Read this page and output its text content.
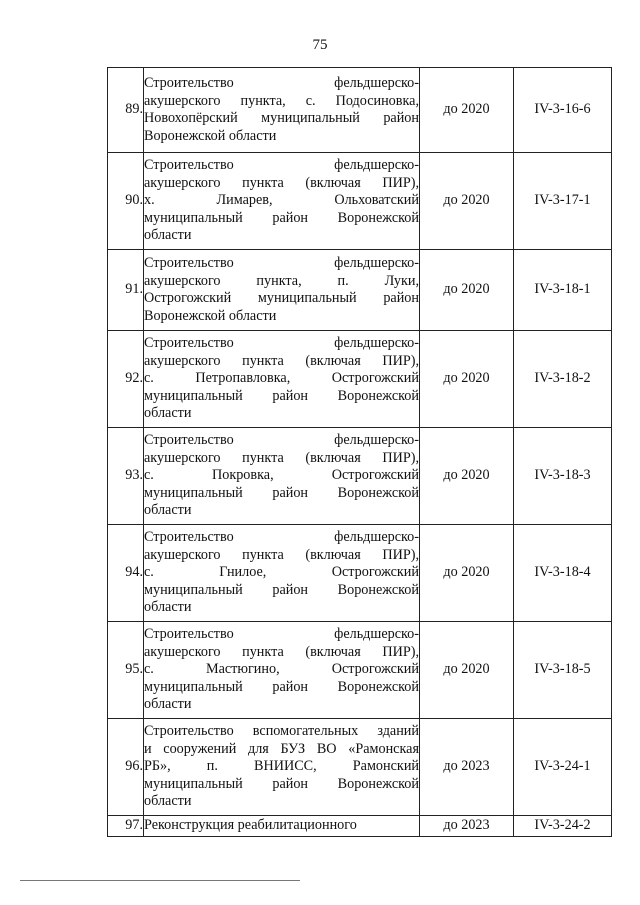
75
89.	Строительство фельдшерско-
акушерского пункта, с. Подосиновка,
Новохопёрский муниципальный район
Воронежской области	до 2020	IV-3-16-6
90.	Строительство фельдшерско-
акушерского пункта (включая ПИР),
х. Лимарев, Ольховатский
муниципальный район Воронежской
области	до 2020	IV-3-17-1
91.	Строительство фельдшерско-
акушерского пункта, п. Луки,
Острогожский муниципальный район
Воронежской области	до 2020	IV-3-18-1
92.	Строительство фельдшерско-
акушерского пункта (включая ПИР),
с. Петропавловка, Острогожский
муниципальный район Воронежской
области	до 2020	IV-3-18-2
93.	Строительство фельдшерско-
акушерского пункта (включая ПИР),
с. Покровка, Острогожский
муниципальный район Воронежской
области	до 2020	IV-3-18-3
94.	Строительство фельдшерско-
акушерского пункта (включая ПИР),
с. Гнилое, Острогожский
муниципальный район Воронежской
области	до 2020	IV-3-18-4
95.	Строительство фельдшерско-
акушерского пункта (включая ПИР),
с. Мастюгино, Острогожский
муниципальный район Воронежской
области	до 2020	IV-3-18-5
96.	Строительство вспомогательных зданий
и сооружений для БУЗ ВО «Рамонская
РБ», п. ВНИИСС, Рамонский
муниципальный район Воронежской
области	до 2023	IV-3-24-1
97.	Реконструкция реабилитационного	до 2023	IV-3-24-2
